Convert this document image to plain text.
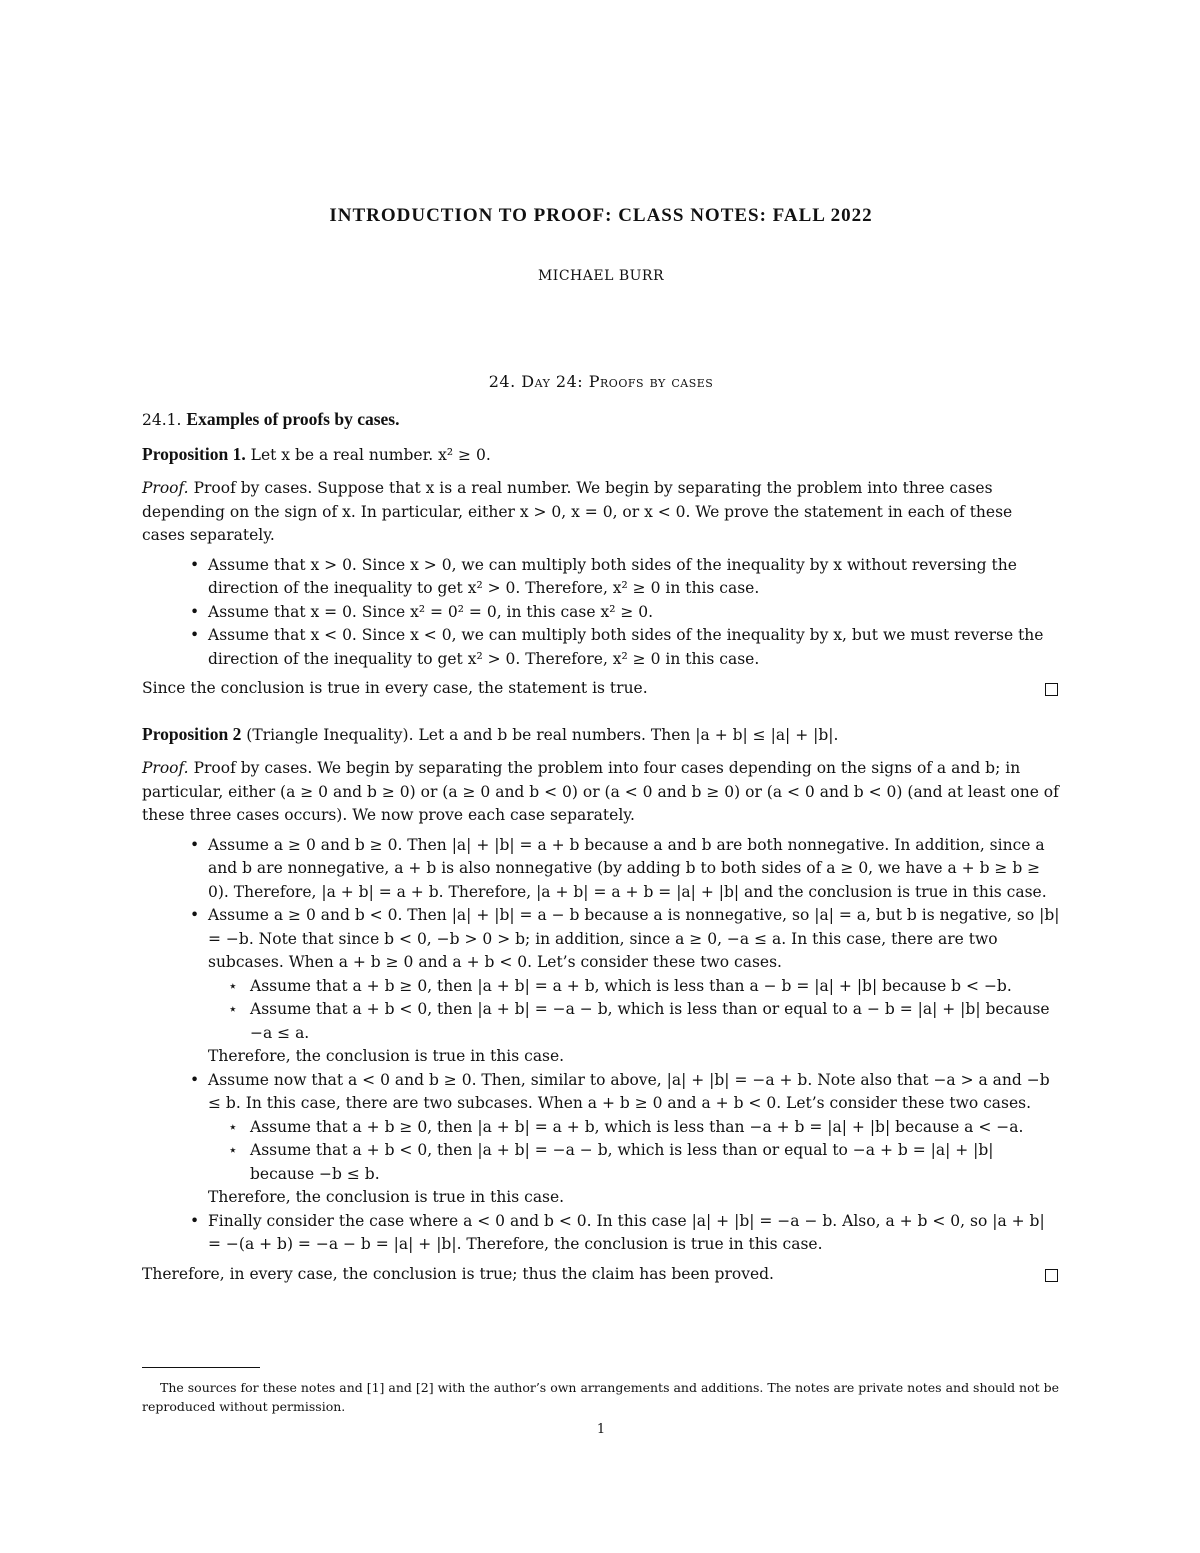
INTRODUCTION TO PROOF: CLASS NOTES: FALL 2022
MICHAEL BURR
24. Day 24: Proofs by cases

24.1. Examples of proofs by cases.

Proposition 1. Let x be a real number. x² ≥ 0.

Proof. Proof by cases. Suppose that x is a real number. We begin by separating the problem into three cases depending on the sign of x. In particular, either x > 0, x = 0, or x < 0. We prove the statement in each of these cases separately.

• Assume that x > 0. Since x > 0, we can multiply both sides of the inequality by x without reversing the direction of the inequality to get x² > 0. Therefore, x² ≥ 0 in this case.
• Assume that x = 0. Since x² = 0² = 0, in this case x² ≥ 0.
• Assume that x < 0. Since x < 0, we can multiply both sides of the inequality by x, but we must reverse the direction of the inequality to get x² > 0. Therefore, x² ≥ 0 in this case.

Since the conclusion is true in every case, the statement is true.

Proposition 2 (Triangle Inequality). Let a and b be real numbers. Then |a + b| ≤ |a| + |b|.

Proof. Proof by cases. We begin by separating the problem into four cases depending on the signs of a and b; in particular, either (a ≥ 0 and b ≥ 0) or (a ≥ 0 and b < 0) or (a < 0 and b ≥ 0) or (a < 0 and b < 0) (and at least one of these three cases occurs). We now prove each case separately.

• Assume a ≥ 0 and b ≥ 0. Then |a| + |b| = a + b because a and b are both nonnegative. In addition, since a and b are nonnegative, a + b is also nonnegative (by adding b to both sides of a ≥ 0, we have a + b ≥ b ≥ 0). Therefore, |a + b| = a + b. Therefore, |a + b| = a + b = |a| + |b| and the conclusion is true in this case.
• Assume a ≥ 0 and b < 0. Then |a| + |b| = a − b because a is nonnegative, so |a| = a, but b is negative, so |b| = −b. Note that since b < 0, −b > 0 > b; in addition, since a ≥ 0, −a ≤ a. In this case, there are two subcases. When a + b ≥ 0 and a + b < 0. Let’s consider these two cases.
⋆ Assume that a + b ≥ 0, then |a + b| = a + b, which is less than a − b = |a| + |b| because b < −b.
⋆ Assume that a + b < 0, then |a + b| = −a − b, which is less than or equal to a − b = |a| + |b| because −a ≤ a.
Therefore, the conclusion is true in this case.
• Assume now that a < 0 and b ≥ 0. Then, similar to above, |a| + |b| = −a + b. Note also that −a > a and −b ≤ b. In this case, there are two subcases. When a + b ≥ 0 and a + b < 0. Let’s consider these two cases.
⋆ Assume that a + b ≥ 0, then |a + b| = a + b, which is less than −a + b = |a| + |b| because a < −a.
⋆ Assume that a + b < 0, then |a + b| = −a − b, which is less than or equal to −a + b = |a| + |b| because −b ≤ b.
Therefore, the conclusion is true in this case.
• Finally consider the case where a < 0 and b < 0. In this case |a| + |b| = −a − b. Also, a + b < 0, so |a + b| = −(a + b) = −a − b = |a| + |b|. Therefore, the conclusion is true in this case.

Therefore, in every case, the conclusion is true; thus the claim has been proved.

The sources for these notes and [1] and [2] with the author’s own arrangements and additions. The notes are private notes and should not be reproduced without permission.
1
